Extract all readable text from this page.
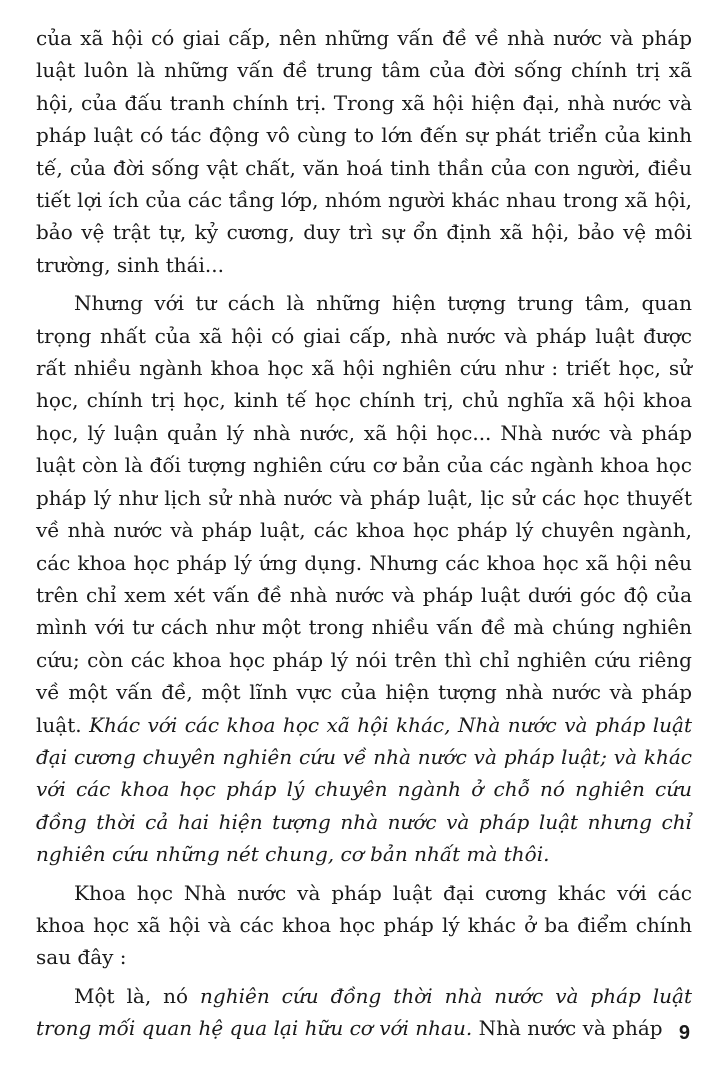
của xã hội có giai cấp, nên những vấn đề về nhà nước và pháp luật luôn là những vấn đề trung tâm của đời sống chính trị xã hội, của đấu tranh chính trị. Trong xã hội hiện đại, nhà nước và pháp luật có tác động vô cùng to lớn đến sự phát triển của kinh tế, của đời sống vật chất, văn hoá tinh thần của con người, điều tiết lợi ích của các tầng lớp, nhóm người khác nhau trong xã hội, bảo vệ trật tự, kỷ cương, duy trì sự ổn định xã hội, bảo vệ môi trường, sinh thái...

Nhưng với tư cách là những hiện tượng trung tâm, quan trọng nhất của xã hội có giai cấp, nhà nước và pháp luật được rất nhiều ngành khoa học xã hội nghiên cứu như : triết học, sử học, chính trị học, kinh tế học chính trị, chủ nghĩa xã hội khoa học, lý luận quản lý nhà nước, xã hội học... Nhà nước và pháp luật còn là đối tượng nghiên cứu cơ bản của các ngành khoa học pháp lý như lịch sử nhà nước và pháp luật, lịc sử các học thuyết về nhà nước và pháp luật, các khoa học pháp lý chuyên ngành, các khoa học pháp lý ứng dụng. Nhưng các khoa học xã hội nêu trên chỉ xem xét vấn đề nhà nước và pháp luật dưới góc độ của mình với tư cách như một trong nhiều vấn đề mà chúng nghiên cứu; còn các khoa học pháp lý nói trên thì chỉ nghiên cứu riêng về một vấn đề, một lĩnh vực của hiện tượng nhà nước và pháp luật. Khác với các khoa học xã hội khác, Nhà nước và pháp luật đại cương chuyên nghiên cứu về nhà nước và pháp luật; và khác với các khoa học pháp lý chuyên ngành ở chỗ nó nghiên cứu đồng thời cả hai hiện tượng nhà nước và pháp luật nhưng chỉ nghiên cứu những nét chung, cơ bản nhất mà thôi.

Khoa học Nhà nước và pháp luật đại cương khác với các khoa học xã hội và các khoa học pháp lý khác ở ba điểm chính sau đây :

Một là, nó nghiên cứu đồng thời nhà nước và pháp luật trong mối quan hệ qua lại hữu cơ với nhau. Nhà nước và pháp 9
